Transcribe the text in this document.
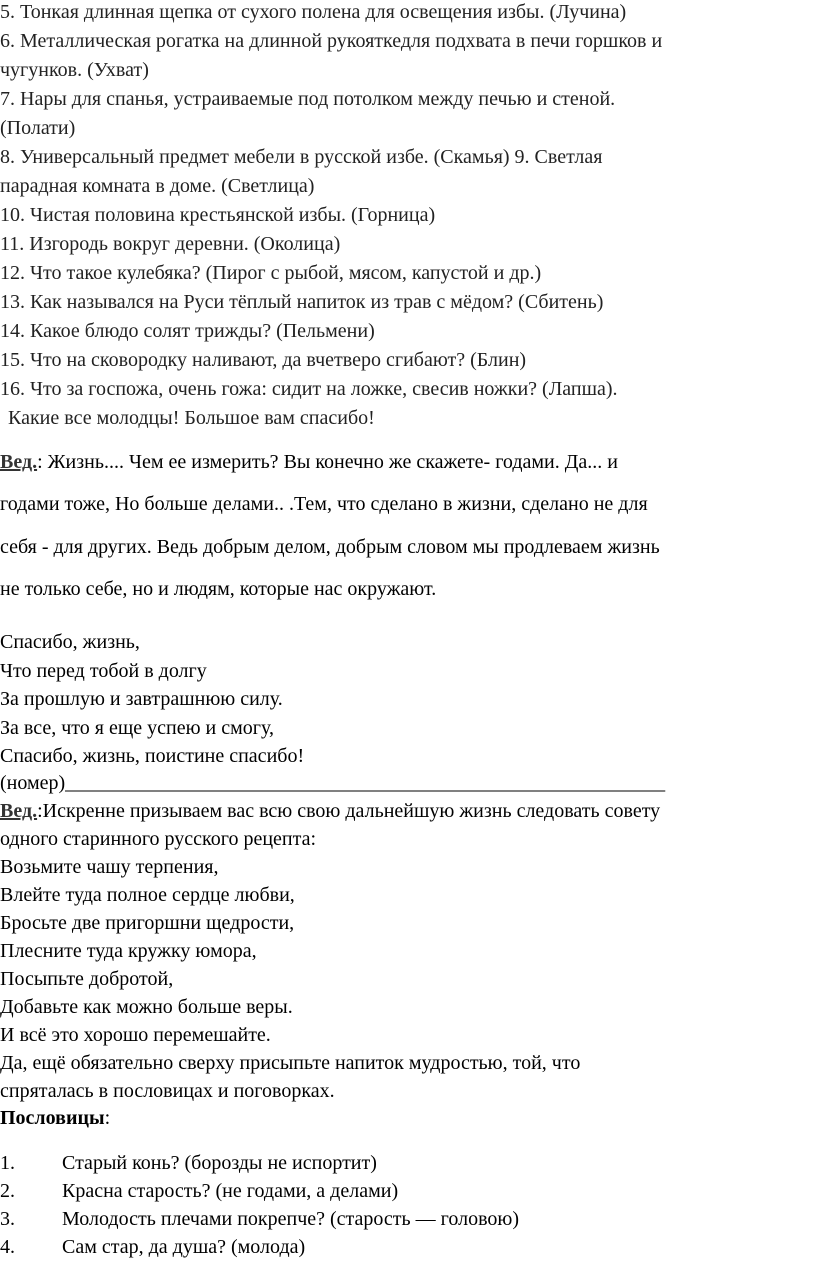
5. Тонкая длинная щепка от сухого полена для освещения избы. (Лучина)
6. Металлическая рогатка на длинной рукояткедля подхвата в печи горшков и
чугунков. (Ухват)
7. Нары для спанья, устраиваемые под потолком между печью и стеной.
(Полати)
8. Универсальный предмет мебели в русской избе. (Скамья) 9. Светлая
парадная комната в доме. (Светлица)
10. Чистая половина крестьянской избы. (Горница)
11. Изгородь вокруг деревни. (Околица)
12. Что такое кулебяка? (Пирог с рыбой, мясом, капустой и др.)
13. Как назывался на Руси тёплый напиток из трав с мёдом? (Сбитень)
14. Какое блюдо солят трижды? (Пельмени)
15. Что на сковородку наливают, да вчетверо сгибают? (Блин)
16. Что за госпожа, очень гожа: сидит на ложке, свесив ножки? (Лапша).
Какие все молодцы! Большое вам спасибо!
Вед.: Жизнь.... Чем ее измерить? Вы конечно же скажете- годами. Да... и
годами тоже, Но больше делами.. .Тем, что сделано в жизни, сделано не для
себя - для других. Ведь добрым делом, добрым словом мы продлеваем жизнь
не только себе, но и людям, которые нас окружают.
Спасибо, жизнь,
Что перед тобой в долгу
За прошлую и завтрашнюю силу.
За все, что я еще успею и смогу,
Спасибо, жизнь, поистине спасибо!
(номер)____________________________________________________________
Вед.:Искренне призываем вас всю свою дальнейшую жизнь следовать совету
одного старинного русского рецепта:
Возьмите чашу терпения,
Влейте туда полное сердце любви,
Бросьте две пригоршни щедрости,
Плесните туда кружку юмора,
Посыпьте добротой,
Добавьте как можно больше веры.
И всё это хорошо перемешайте.
Да, ещё обязательно сверху присыпьте напиток мудростью, той, что
спряталась в пословицах и поговорках.
Пословицы:
1. Старый конь? (борозды не испортит)
2. Красна старость? (не годами, а делами)
3. Молодость плечами покрепче? (старость — головою)
4. Сам стар, да душа? (молода)
